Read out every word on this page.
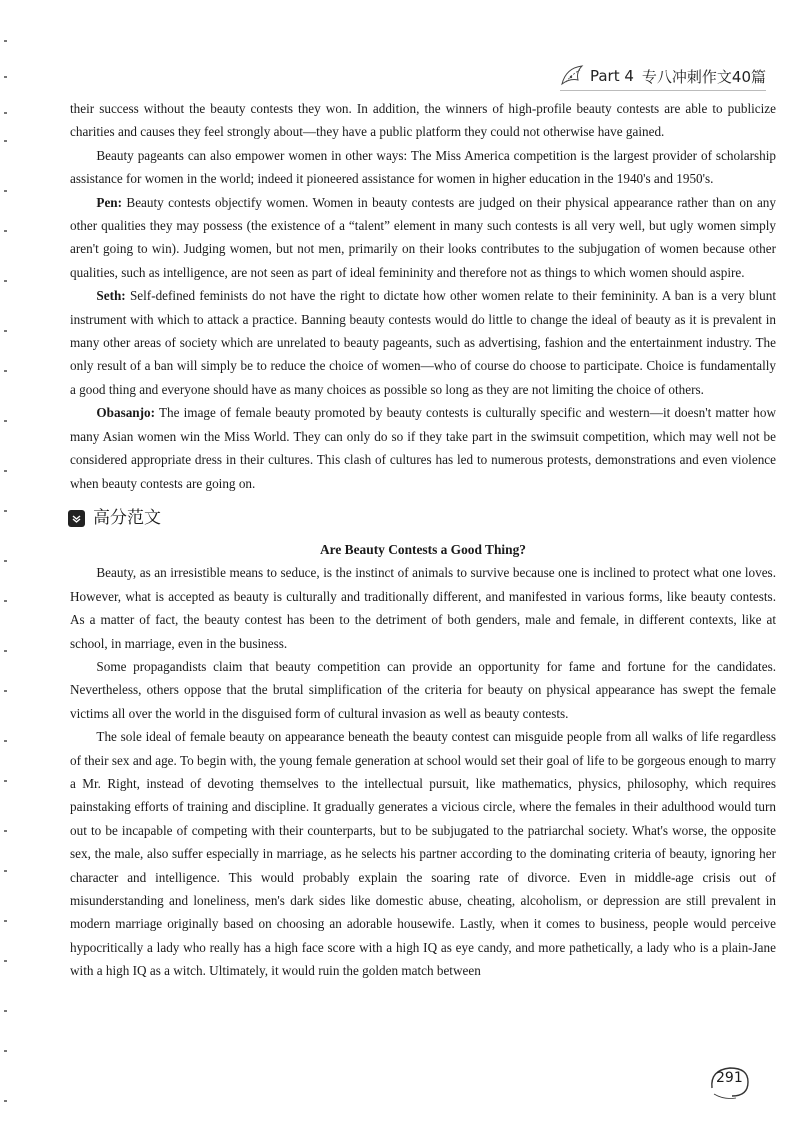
Part 4 专八冲刺作文40篇

their success without the beauty contests they won. In addition, the winners of high-profile beauty contests are able to publicize charities and causes they feel strongly about—they have a public platform they could not otherwise have gained.

Beauty pageants can also empower women in other ways: The Miss America competition is the largest provider of scholarship assistance for women in the world; indeed it pioneered assistance for women in higher education in the 1940's and 1950's.

Pen: Beauty contests objectify women. Women in beauty contests are judged on their physical appearance rather than on any other qualities they may possess (the existence of a “talent” element in many such contests is all very well, but ugly women simply aren't going to win). Judging women, but not men, primarily on their looks contributes to the subjugation of women because other qualities, such as intelligence, are not seen as part of ideal femininity and therefore not as things to which women should aspire.

Seth: Self-defined feminists do not have the right to dictate how other women relate to their femininity. A ban is a very blunt instrument with which to attack a practice. Banning beauty contests would do little to change the ideal of beauty as it is prevalent in many other areas of society which are unrelated to beauty pageants, such as advertising, fashion and the entertainment industry. The only result of a ban will simply be to reduce the choice of women—who of course do choose to participate. Choice is fundamentally a good thing and everyone should have as many choices as possible so long as they are not limiting the choice of others.

Obasanjo: The image of female beauty promoted by beauty contests is culturally specific and western—it doesn't matter how many Asian women win the Miss World. They can only do so if they take part in the swimsuit competition, which may well not be considered appropriate dress in their cultures. This clash of cultures has led to numerous protests, demonstrations and even violence when beauty contests are going on.

高分范文

Are Beauty Contests a Good Thing?

Beauty, as an irresistible means to seduce, is the instinct of animals to survive because one is inclined to protect what one loves. However, what is accepted as beauty is culturally and traditionally different, and manifested in various forms, like beauty contests. As a matter of fact, the beauty contest has been to the detriment of both genders, male and female, in different contexts, like at school, in marriage, even in the business.

Some propagandists claim that beauty competition can provide an opportunity for fame and fortune for the candidates. Nevertheless, others oppose that the brutal simplification of the criteria for beauty on physical appearance has swept the female victims all over the world in the disguised form of cultural invasion as well as beauty contests.

The sole ideal of female beauty on appearance beneath the beauty contest can misguide people from all walks of life regardless of their sex and age. To begin with, the young female generation at school would set their goal of life to be gorgeous enough to marry a Mr. Right, instead of devoting themselves to the intellectual pursuit, like mathematics, physics, philosophy, which requires painstaking efforts of training and discipline. It gradually generates a vicious circle, where the females in their adulthood would turn out to be incapable of competing with their counterparts, but to be subjugated to the patriarchal society. What's worse, the opposite sex, the male, also suffer especially in marriage, as he selects his partner according to the dominating criteria of beauty, ignoring her character and intelligence. This would probably explain the soaring rate of divorce. Even in middle-age crisis out of misunderstanding and loneliness, men's dark sides like domestic abuse, cheating, alcoholism, or depression are still prevalent in modern marriage originally based on choosing an adorable housewife. Lastly, when it comes to business, people would perceive hypocritically a lady who really has a high face score with a high IQ as eye candy, and more pathetically, a lady who is a plain-Jane with a high IQ as a witch. Ultimately, it would ruin the golden match between

291
